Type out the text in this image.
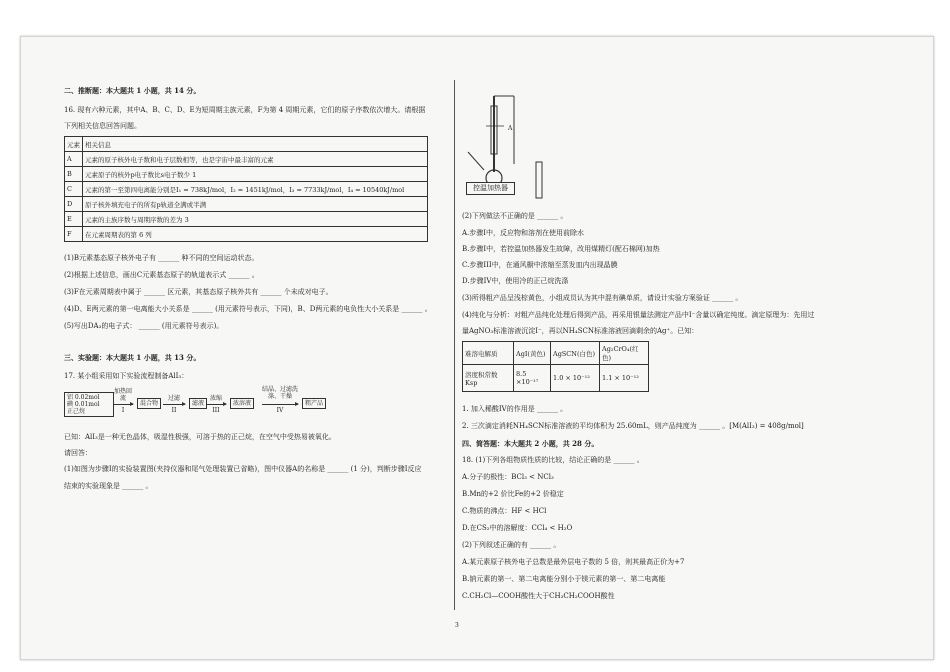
二、推断题：本大题共 1 小题，共 14 分。
16. 现有六种元素，其中A、B、C、D、E为短周期主族元素，F为第 4 周期元素，它们的原子序数依次增大。请根据
下列相关信息回答问题。
元素	相关信息
A	元素的原子核外电子数和电子层数相等，也是宇宙中最丰富的元素
B	元素原子的核外p电子数比s电子数少 1
C	元素的第一至第四电离能分别是I₁ = 738kJ/mol，I₂ = 1451kJ/mol，I₃ = 7733kJ/mol，I₄ = 10540kJ/mol
D	原子核外填充电子的所有p轨道全满或半满
E	元素的主族序数与周期序数的差为 3
F	在元素周期表的第 6 列
(1)B元素基态原子核外电子有 ______ 种不同的空间运动状态。
(2)根据上述信息，画出C元素基态原子的轨道表示式 ______ 。
(3)F在元素周期表中属于 ______ 区元素，其基态原子核外共有 ______ 个未成对电子。
(4)D、E两元素的第一电离能大小关系是 ______ (用元素符号表示，下同)，B、D两元素的电负性大小关系是 ______ 。
(5)写出DA₃的电子式： ______ (用元素符号表示)。
三、实验题：本大题共 1 小题，共 13 分。
17. 某小组采用如下实验流程制备AlI₃：
铝 0.02mol
碘 0.01mol
正己烷
加热回流
I
混合物
过滤
II
滤液
浓缩
III
浓溶液
结晶、过滤洗涤、干燥
IV
粗产品
已知：AlI₃是一种无色晶体，吸湿性极强，可溶于热的正己烷，在空气中受热易被氧化。
请回答：
(1)如图为步骤I的实验装置图(夹持仪器和尾气处理装置已省略)，图中仪器A的名称是 ______ (1 分)，判断步骤I反应
结束的实验现象是 ______ 。
A
控温加热器
(2)下列做法不正确的是 ______ 。
A.步骤I中，反应物和溶剂在使用前除水
B.步骤I中，若控温加热器发生故障，改用煤精灯(配石棉网)加热
C.步骤III中，在通风橱中浓缩至蒸发皿内出现晶膜
D.步骤IV中，使用冷的正己烷洗涤
(3)所得粗产品呈浅棕黄色，小组成员认为其中混有碘单质，请设计实验方案验证 ______ 。
(4)纯化与分析：对粗产品纯化处理后得到产品，再采用银量法测定产品中I⁻含量以确定纯度。滴定原理为：先用过
量AgNO₃标准溶液沉淀I⁻，再以NH₄SCN标准溶液回滴剩余的Ag⁺。已知：
难溶电解质	AgI(黄色)	AgSCN(白色)	Ag₂CrO₄(红色)
溶度积常数 Ksp	8.5 ×10⁻¹⁷	1.0 × 10⁻¹²	1.1 × 10⁻¹²
1. 加入稀酸IV的作用是 ______ 。
2. 三次滴定消耗NH₄SCN标准溶液的平均体积为 25.60mL，则产品纯度为 ______ 。[M(AlI₃) = 408g/mol]
四、简答题：本大题共 2 小题，共 28 分。
18. (1)下列各组物质性质的比较，结论正确的是 ______ 。
A.分子的极性：BCl₃ < NCl₃
B.Mn的+2 价比Fe的+2 价稳定
C.物质的沸点：HF < HCl
D.在CS₂中的溶解度：CCl₄ < H₂O
(2)下列叙述正确的有 ______ 。
A.某元素原子核外电子总数是最外层电子数的 5 倍，则其最高正价为+7
B.钠元素的第一、第二电离能分别小于镁元素的第一、第二电离能
C.CH₂Cl—COOH酸性大于CH₃CH₂COOH酸性
3
